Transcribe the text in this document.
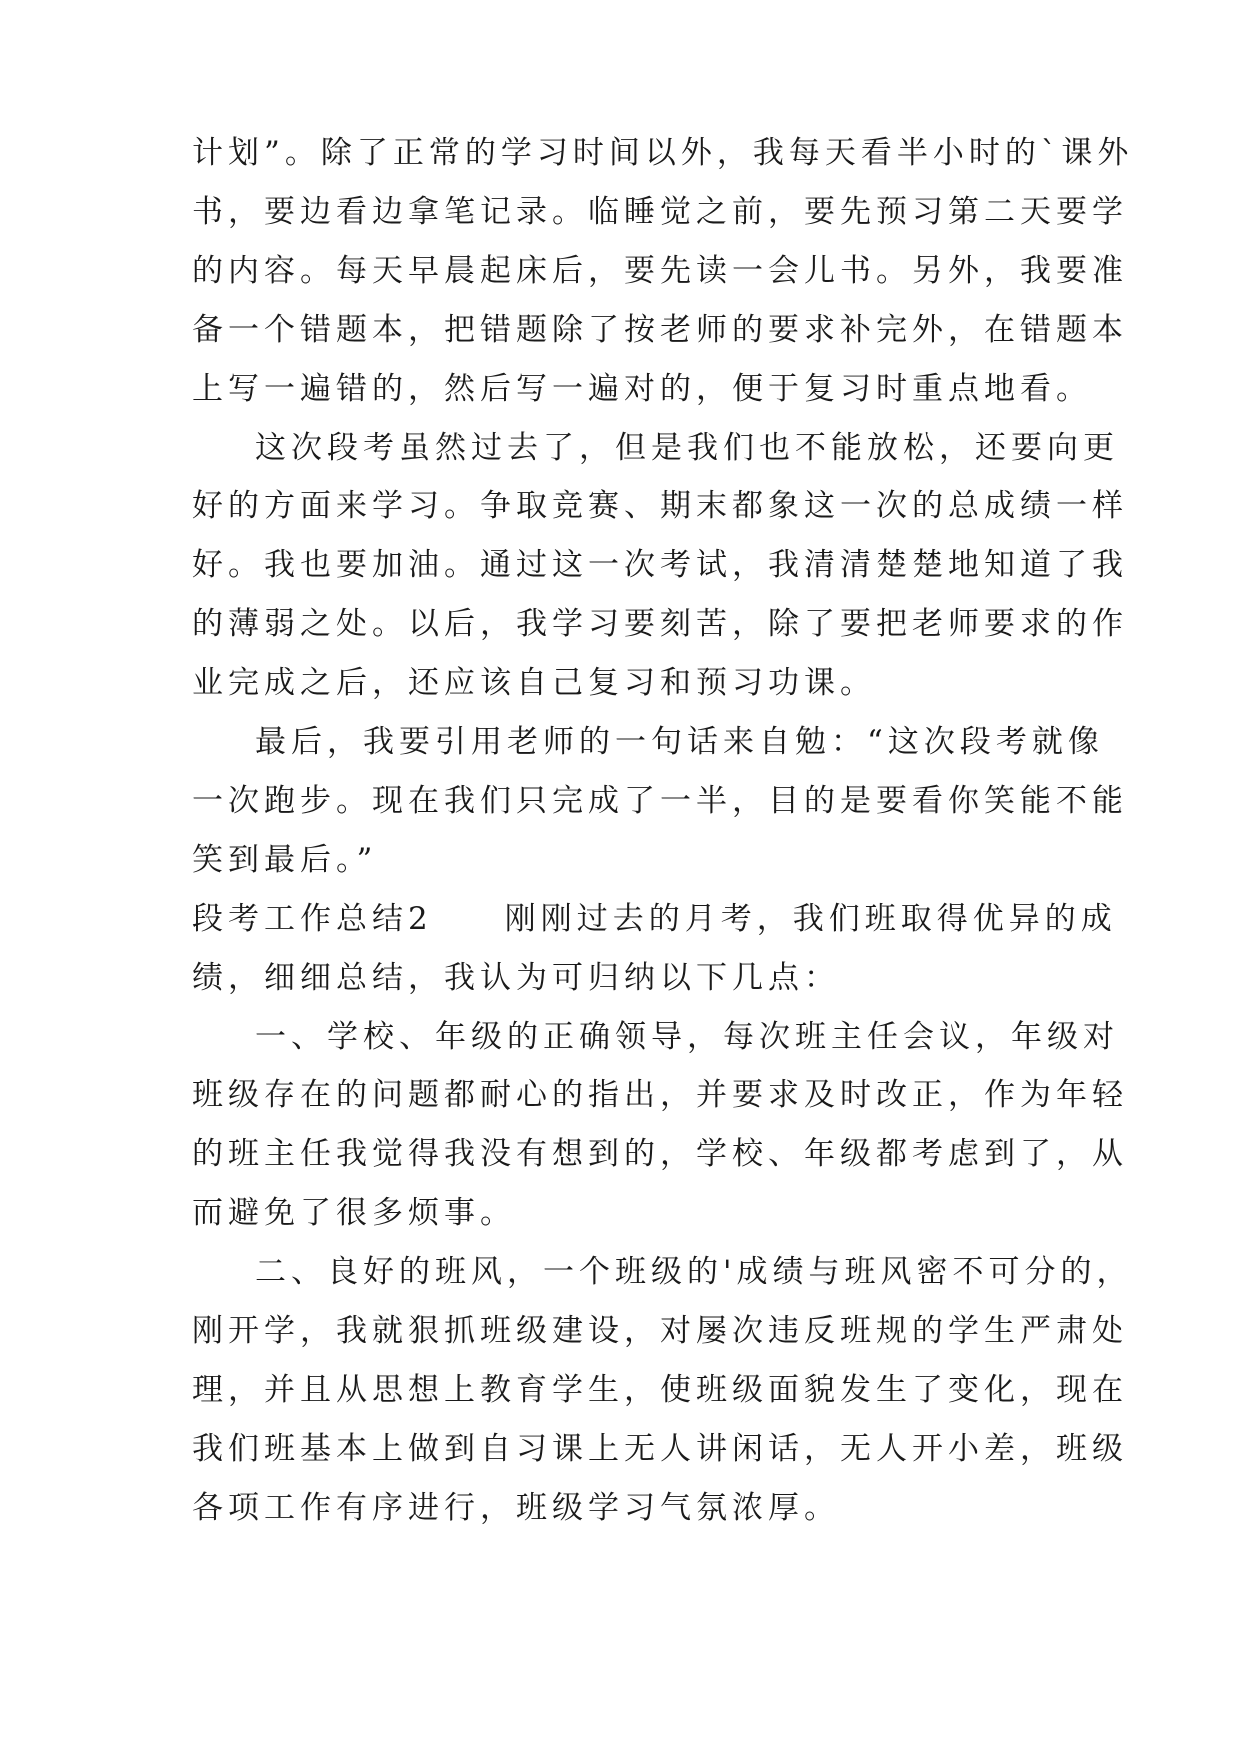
计划”。除了正常的学习时间以外，我每天看半小时的`课外
书，要边看边拿笔记录。临睡觉之前，要先预习第二天要学
的内容。每天早晨起床后，要先读一会儿书。另外，我要准
备一个错题本，把错题除了按老师的要求补完外，在错题本
上写一遍错的，然后写一遍对的，便于复习时重点地看。
这次段考虽然过去了，但是我们也不能放松，还要向更
好的方面来学习。争取竞赛、期末都象这一次的总成绩一样
好。我也要加油。通过这一次考试，我清清楚楚地知道了我
的薄弱之处。以后，我学习要刻苦，除了要把老师要求的作
业完成之后，还应该自己复习和预习功课。
最后，我要引用老师的一句话来自勉：“这次段考就像
一次跑步。现在我们只完成了一半，目的是要看你笑能不能
笑到最后。”
段考工作总结2　　刚刚过去的月考，我们班取得优异的成
绩，细细总结，我认为可归纳以下几点：
一、学校、年级的正确领导，每次班主任会议，年级对
班级存在的问题都耐心的指出，并要求及时改正，作为年轻
的班主任我觉得我没有想到的，学校、年级都考虑到了，从
而避免了很多烦事。
二、良好的班风，一个班级的'成绩与班风密不可分的，
刚开学，我就狠抓班级建设，对屡次违反班规的学生严肃处
理，并且从思想上教育学生，使班级面貌发生了变化，现在
我们班基本上做到自习课上无人讲闲话，无人开小差，班级
各项工作有序进行，班级学习气氛浓厚。
